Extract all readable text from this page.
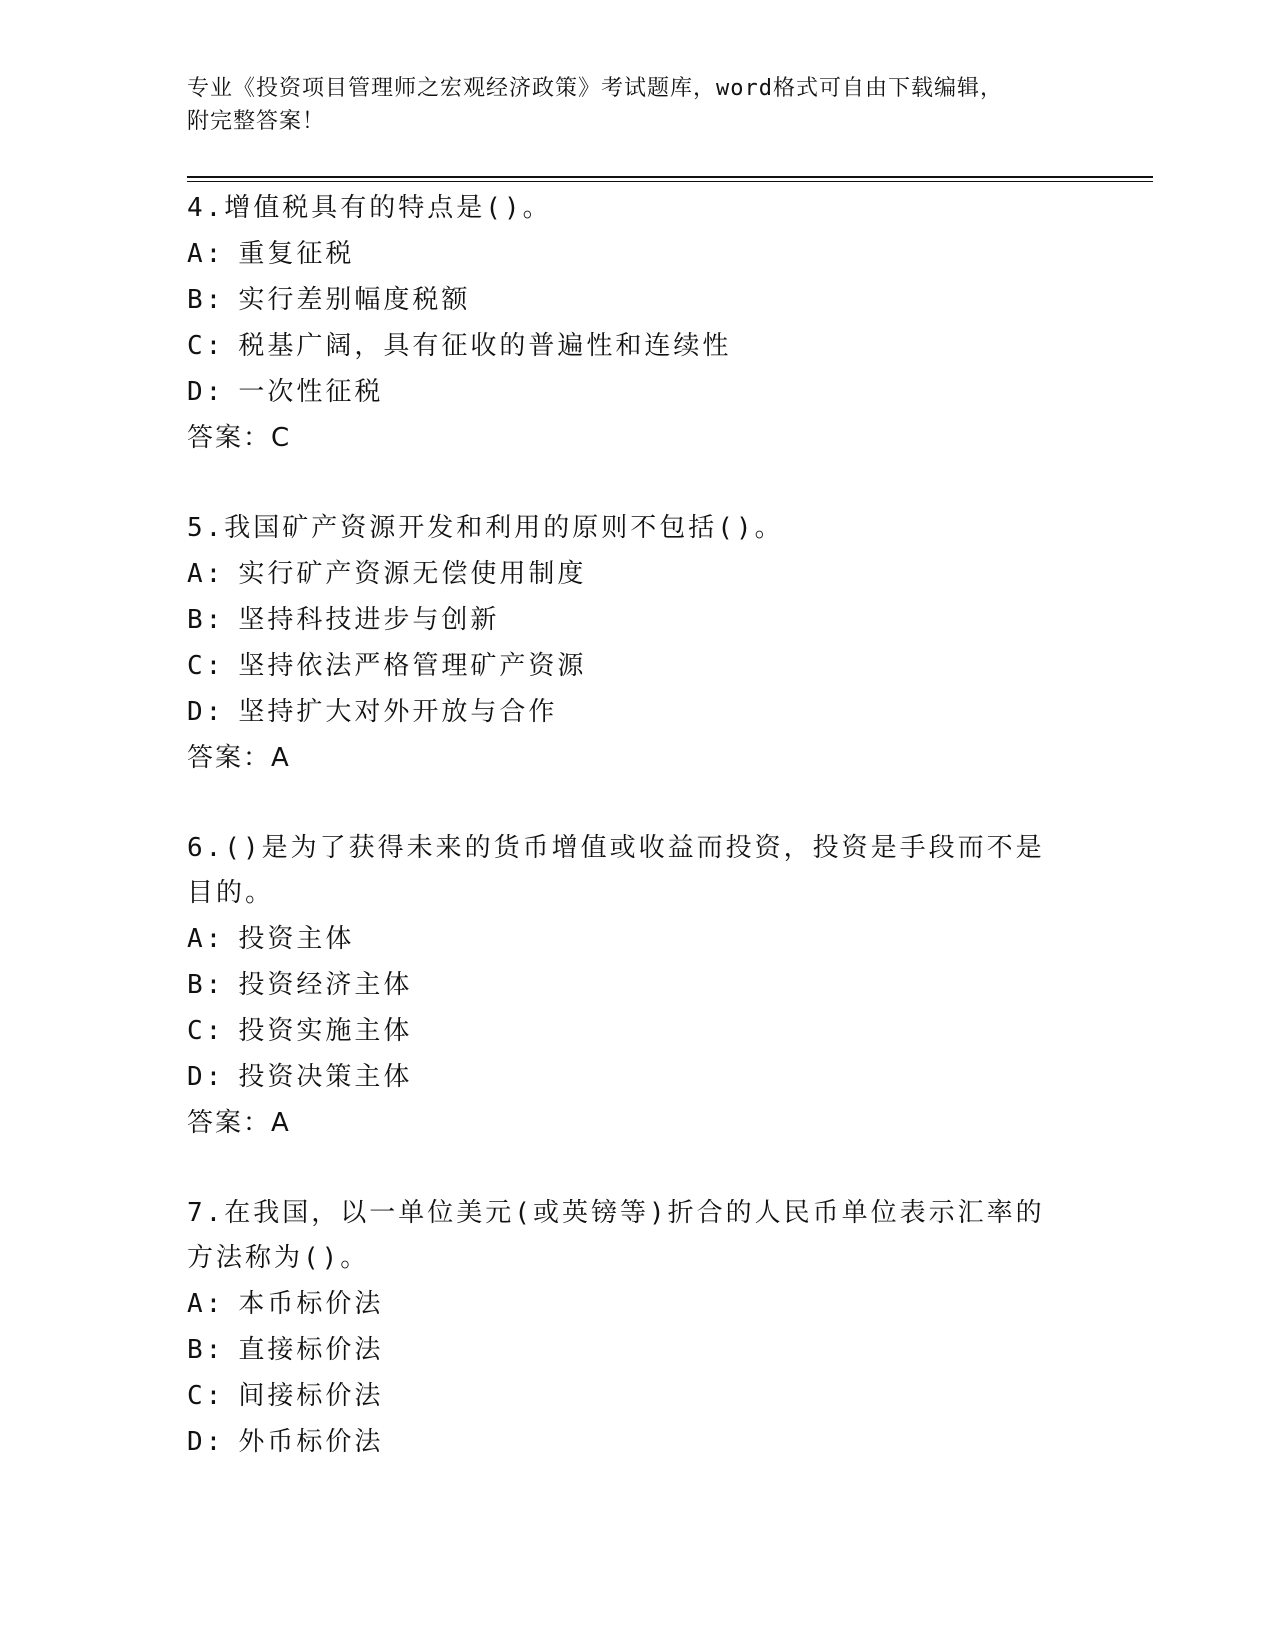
专业《投资项目管理师之宏观经济政策》考试题库，word格式可自由下载编辑，
附完整答案！
4.增值税具有的特点是()。
A: 重复征税
B: 实行差别幅度税额
C: 税基广阔，具有征收的普遍性和连续性
D: 一次性征税
答案：C
5.我国矿产资源开发和利用的原则不包括()。
A: 实行矿产资源无偿使用制度
B: 坚持科技进步与创新
C: 坚持依法严格管理矿产资源
D: 坚持扩大对外开放与合作
答案：A
6.()是为了获得未来的货币增值或收益而投资，投资是手段而不是目的。
A: 投资主体
B: 投资经济主体
C: 投资实施主体
D: 投资决策主体
答案：A
7.在我国，以一单位美元(或英镑等)折合的人民币单位表示汇率的方法称为()。
A: 本币标价法
B: 直接标价法
C: 间接标价法
D: 外币标价法
